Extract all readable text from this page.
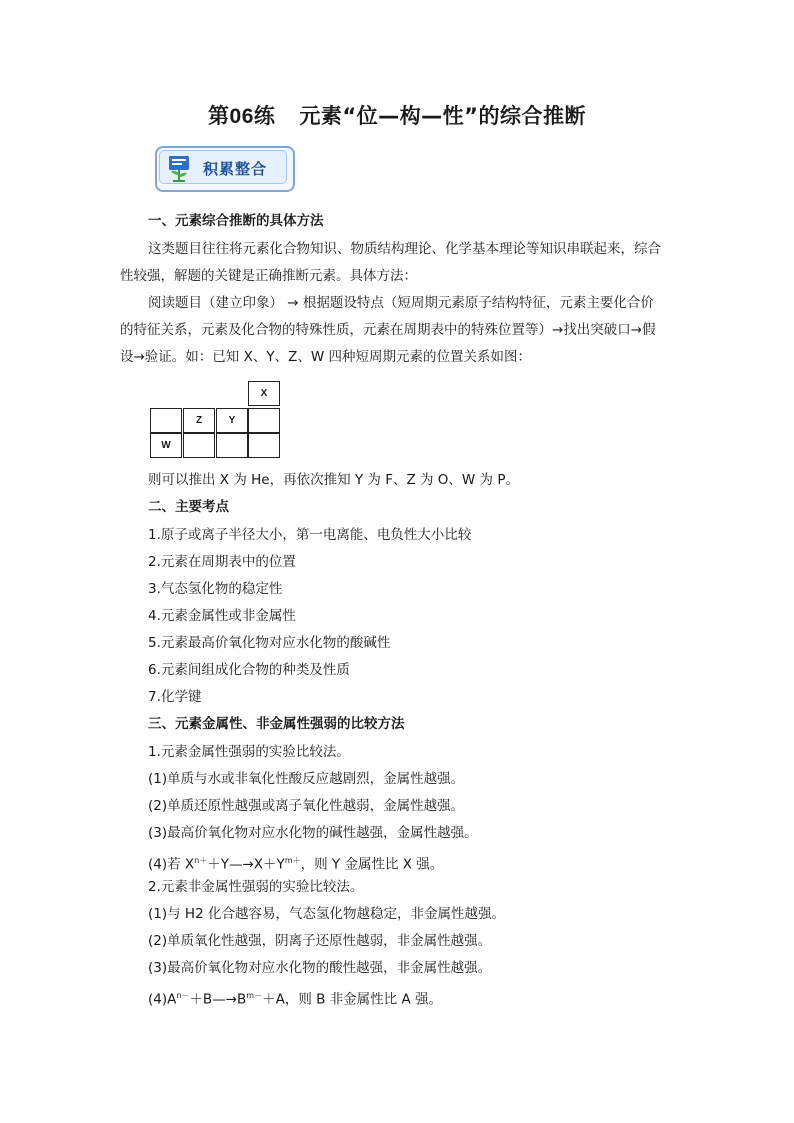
第06练 元素“位—构—性”的综合推断
积累整合
一、元素综合推断的具体方法
这类题目往往将元素化合物知识、物质结构理论、化学基本理论等知识串联起来，综合
性较强，解题的关键是正确推断元素。具体方法：
阅读题目（建立印象） → 根据题设特点（短周期元素原子结构特征，元素主要化合价
的特征关系，元素及化合物的特殊性质，元素在周期表中的特殊位置等）→找出突破口→假
设→验证。如：已知 X、Y、Z、W 四种短周期元素的位置关系如图：
X
Z	Y
W
则可以推出 X 为 He，再依次推知 Y 为 F、Z 为 O、W 为 P。
二、主要考点
1.原子或离子半径大小，第一电离能、电负性大小比较
2.元素在周期表中的位置
3.气态氢化物的稳定性
4.元素金属性或非金属性
5.元素最高价氧化物对应水化物的酸碱性
6.元素间组成化合物的种类及性质
7.化学键
三、元素金属性、非金属性强弱的比较方法
1.元素金属性强弱的实验比较法。
(1)单质与水或非氧化性酸反应越剧烈，金属性越强。
(2)单质还原性越强或离子氧化性越弱，金属性越强。
(3)最高价氧化物对应水化物的碱性越强，金属性越强。
(4)若 $X^{n+}+Y—\to X+Y^{m+}$，则 Y 金属性比 X 强。
2.元素非金属性强弱的实验比较法。
(1)与 H2 化合越容易，气态氢化物越稳定，非金属性越强。
(2)单质氧化性越强，阴离子还原性越弱，非金属性越强。
(3)最高价氧化物对应水化物的酸性越强，非金属性越强。
$(4)A^{n-}+B—\to B^{m-}+A$，则 B 非金属性比 A 强。
